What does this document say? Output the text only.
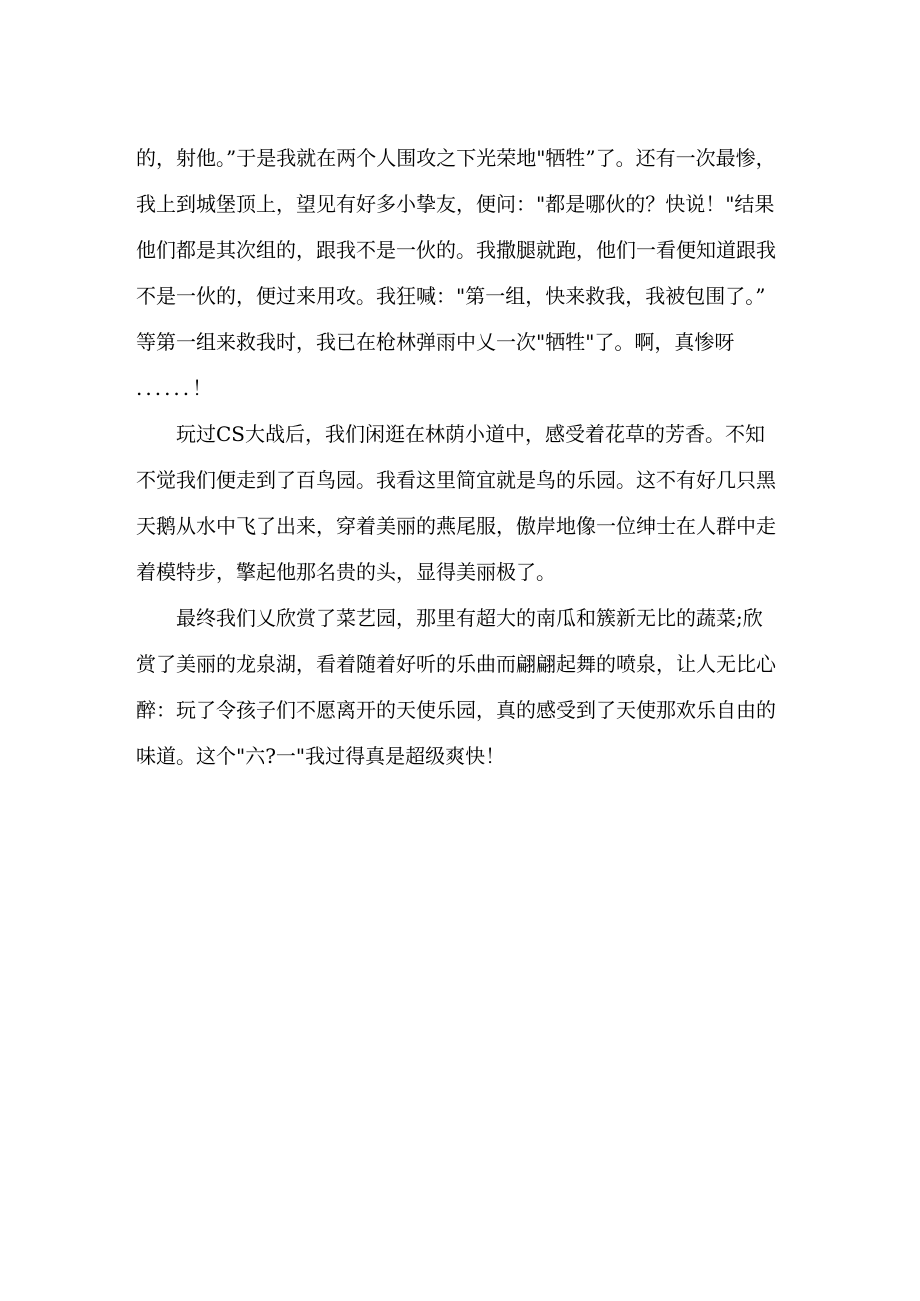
的，射他。”于是我就在两个人围攻之下光荣地"牺牲”了。还有一次最惨，
我上到城堡顶上，望见有好多小挚友，便问："都是哪伙的？快说！"结果
他们都是其次组的，跟我不是一伙的。我撒腿就跑，他们一看便知道跟我
不是一伙的，便过来用攻。我狂喊："第一组，快来救我，我被包围了。”
等第一组来救我时，我已在枪林弹雨中乂一次"牺牲"了。啊，真惨呀
......！
玩过CS大战后，我们闲逛在林荫小道中，感受着花草的芳香。不知
不觉我们便走到了百鸟园。我看这里简宜就是鸟的乐园。这不有好几只黑
天鹅从水中飞了出来，穿着美丽的燕尾服，傲岸地像一位绅士在人群中走
着模特步，擎起他那名贵的头，显得美丽极了。
最终我们乂欣赏了菜艺园，那里有超大的南瓜和簇新无比的蔬菜;欣
赏了美丽的龙泉湖，看着随着好听的乐曲而翩翩起舞的喷泉，让人无比心
醉：玩了令孩子们不愿离开的天使乐园，真的感受到了天使那欢乐自由的
味道。这个"六?一"我过得真是超级爽快！
